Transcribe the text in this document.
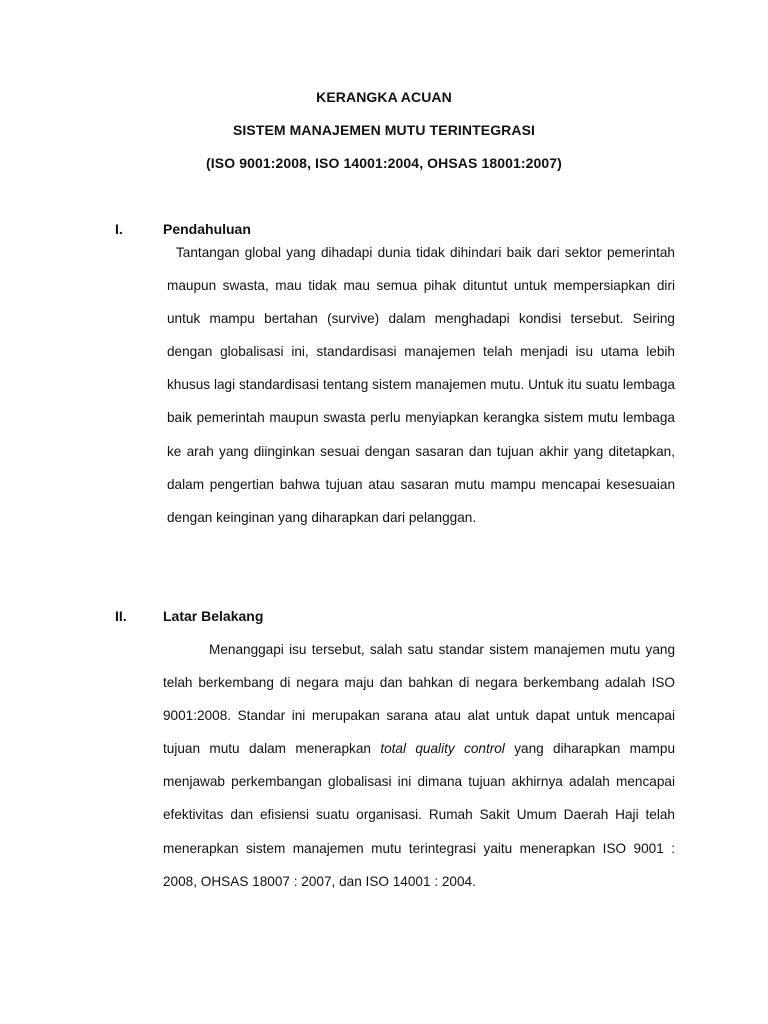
KERANGKA ACUAN
SISTEM MANAJEMEN MUTU TERINTEGRASI
(ISO 9001:2008, ISO 14001:2004, OHSAS 18001:2007)
I.	Pendahuluan

Tantangan global yang dihadapi dunia tidak dihindari baik dari sektor pemerintah maupun swasta, mau tidak mau semua pihak dituntut untuk mempersiapkan diri untuk mampu bertahan (survive) dalam menghadapi kondisi tersebut. Seiring dengan globalisasi ini, standardisasi manajemen telah menjadi isu utama lebih khusus lagi standardisasi tentang sistem manajemen mutu. Untuk itu suatu lembaga baik pemerintah maupun swasta perlu menyiapkan kerangka sistem mutu lembaga ke arah yang diinginkan sesuai dengan sasaran dan tujuan akhir yang ditetapkan, dalam pengertian bahwa tujuan atau sasaran mutu mampu mencapai kesesuaian dengan keinginan yang diharapkan dari pelanggan.

II.	Latar Belakang

Menanggapi isu tersebut, salah satu standar sistem manajemen mutu yang telah berkembang di negara maju dan bahkan di negara berkembang adalah ISO 9001:2008. Standar ini merupakan sarana atau alat untuk dapat untuk mencapai tujuan mutu dalam menerapkan total quality control yang diharapkan mampu menjawab perkembangan globalisasi ini dimana tujuan akhirnya adalah mencapai efektivitas dan efisiensi suatu organisasi. Rumah Sakit Umum Daerah Haji telah menerapkan sistem manajemen mutu terintegrasi yaitu menerapkan ISO 9001 : 2008, OHSAS 18007 : 2007, dan ISO 14001 : 2004.
